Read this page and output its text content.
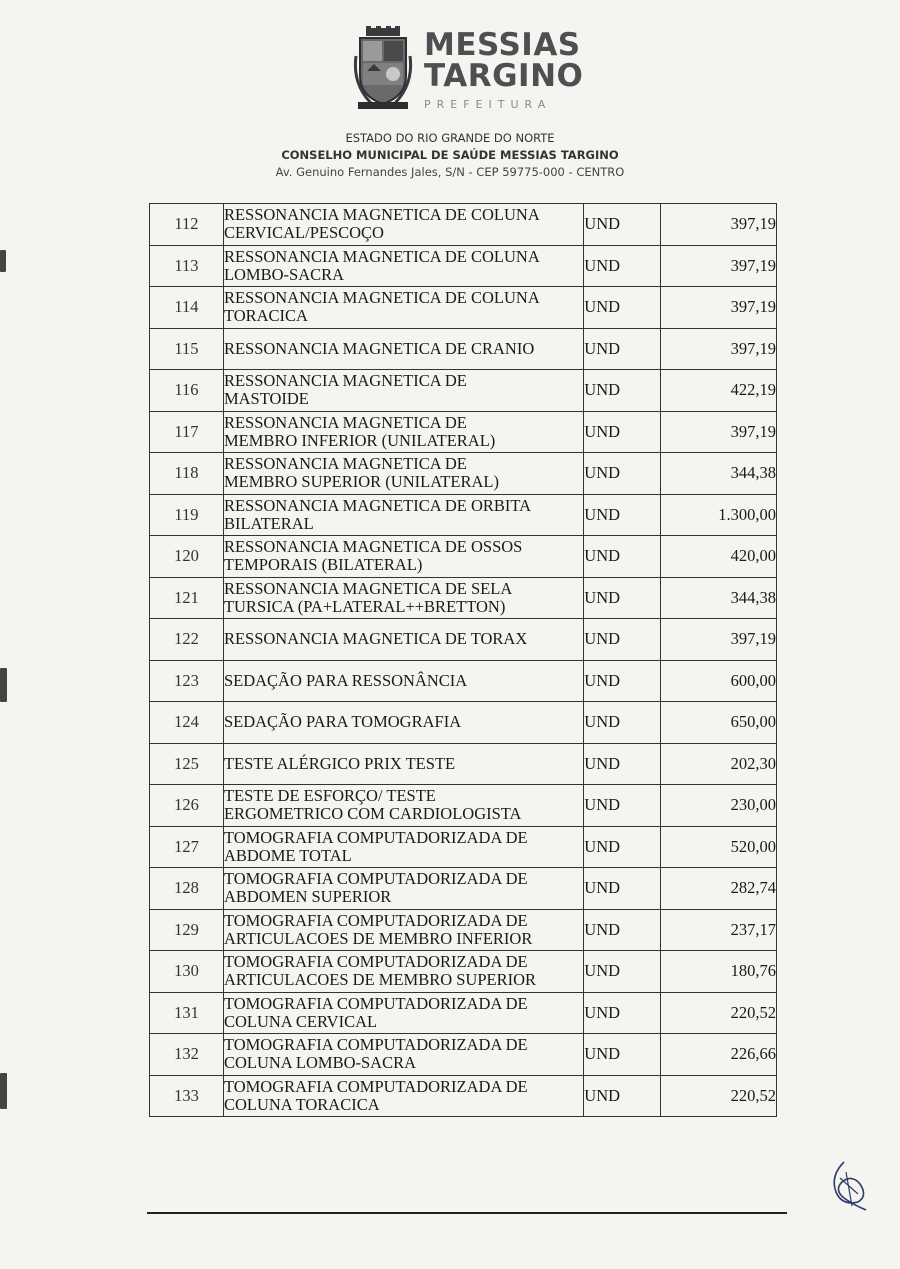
MESSIAS
TARGINO
PREFEITURA
ESTADO DO RIO GRANDE DO NORTE
CONSELHO MUNICIPAL DE SAÚDE MESSIAS TARGINO
Av. Genuino Fernandes Jales, S/N - CEP 59775-000 - CENTRO
112	RESSONANCIA MAGNETICA DE COLUNA
CERVICAL/PESCOÇO	UND	397,19
113	RESSONANCIA MAGNETICA DE COLUNA
LOMBO-SACRA	UND	397,19
114	RESSONANCIA MAGNETICA DE COLUNA
TORACICA	UND	397,19
115	RESSONANCIA MAGNETICA DE CRANIO	UND	397,19
116	RESSONANCIA MAGNETICA DE
MASTOIDE	UND	422,19
117	RESSONANCIA MAGNETICA DE
MEMBRO INFERIOR (UNILATERAL)	UND	397,19
118	RESSONANCIA MAGNETICA DE
MEMBRO SUPERIOR (UNILATERAL)	UND	344,38
119	RESSONANCIA MAGNETICA DE ORBITA
BILATERAL	UND	1.300,00
120	RESSONANCIA MAGNETICA DE OSSOS
TEMPORAIS (BILATERAL)	UND	420,00
121	RESSONANCIA MAGNETICA DE SELA
TURSICA (PA+LATERAL++BRETTON)	UND	344,38
122	RESSONANCIA MAGNETICA DE TORAX	UND	397,19
123	SEDAÇÃO PARA RESSONÂNCIA	UND	600,00
124	SEDAÇÃO PARA TOMOGRAFIA	UND	650,00
125	TESTE ALÉRGICO PRIX TESTE	UND	202,30
126	TESTE DE ESFORÇO/ TESTE
ERGOMETRICO COM CARDIOLOGISTA	UND	230,00
127	TOMOGRAFIA COMPUTADORIZADA DE
ABDOME TOTAL	UND	520,00
128	TOMOGRAFIA COMPUTADORIZADA DE
ABDOMEN SUPERIOR	UND	282,74
129	TOMOGRAFIA COMPUTADORIZADA DE
ARTICULACOES DE MEMBRO INFERIOR	UND	237,17
130	TOMOGRAFIA COMPUTADORIZADA DE
ARTICULACOES DE MEMBRO SUPERIOR	UND	180,76
131	TOMOGRAFIA COMPUTADORIZADA DE
COLUNA CERVICAL	UND	220,52
132	TOMOGRAFIA COMPUTADORIZADA DE
COLUNA LOMBO-SACRA	UND	226,66
133	TOMOGRAFIA COMPUTADORIZADA DE
COLUNA TORACICA	UND	220,52
